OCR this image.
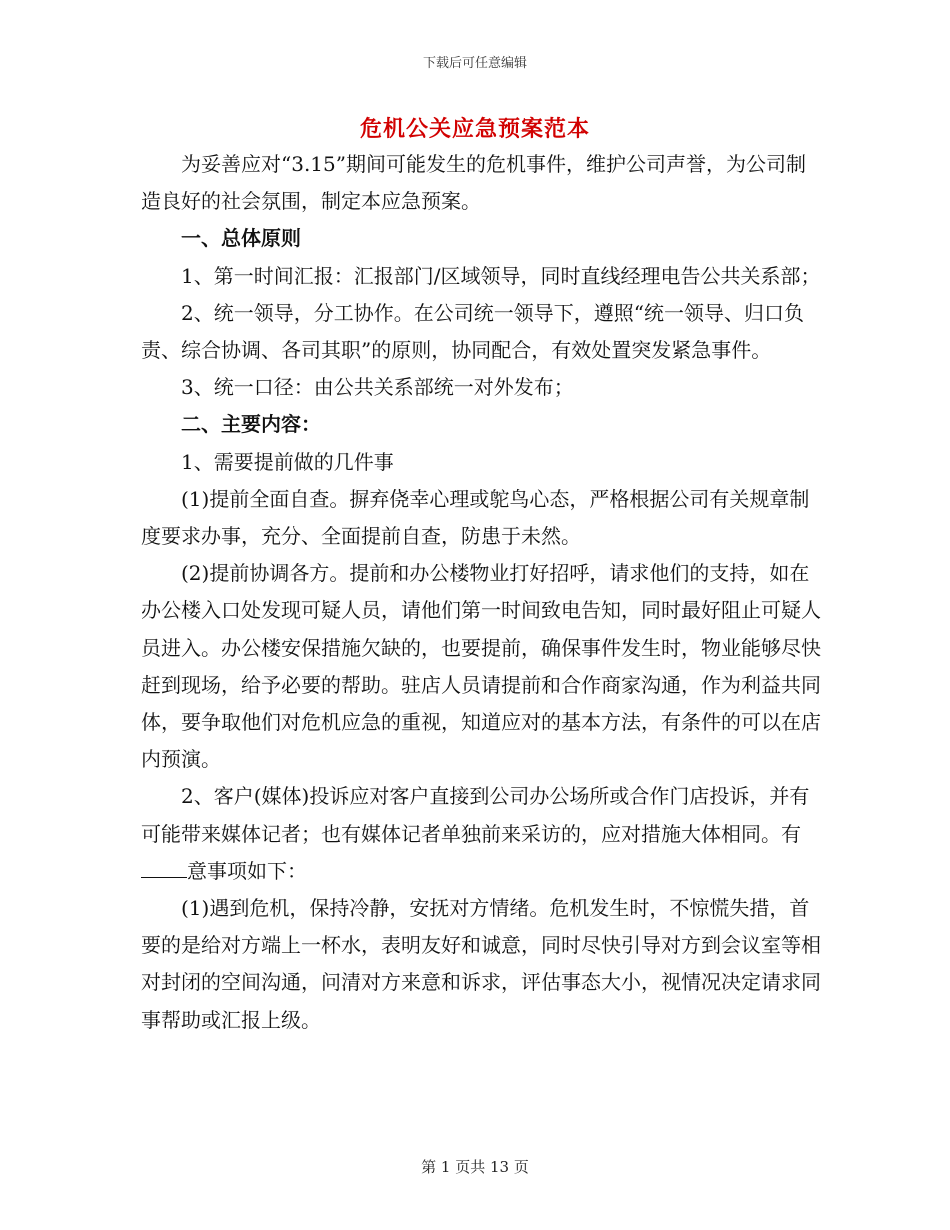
下载后可任意编辑
危机公关应急预案范本

为妥善应对“3.15”期间可能发生的危机事件，维护公司声誉，为公司制造良好的社会氛围，制定本应急预案。

一、总体原则

1、第一时间汇报：汇报部门/区域领导，同时直线经理电告公共关系部；

2、统一领导，分工协作。在公司统一领导下，遵照“统一领导、归口负责、综合协调、各司其职”的原则，协同配合，有效处置突发紧急事件。

3、统一口径：由公共关系部统一对外发布；

二、主要内容：

1、需要提前做的几件事

(1)提前全面自查。摒弃侥幸心理或鸵鸟心态，严格根据公司有关规章制度要求办事，充分、全面提前自查，防患于未然。

(2)提前协调各方。提前和办公楼物业打好招呼，请求他们的支持，如在办公楼入口处发现可疑人员，请他们第一时间致电告知，同时最好阻止可疑人员进入。办公楼安保措施欠缺的，也要提前，确保事件发生时，物业能够尽快赶到现场，给予必要的帮助。驻店人员请提前和合作商家沟通，作为利益共同体，要争取他们对危机应急的重视，知道应对的基本方法，有条件的可以在店内预演。

2、客户(媒体)投诉应对客户直接到公司办公场所或合作门店投诉，并有可能带来媒体记者；也有媒体记者单独前来采访的，应对措施大体相同。有意事项如下：

(1)遇到危机，保持冷静，安抚对方情绪。危机发生时，不惊慌失措，首要的是给对方端上一杯水，表明友好和诚意，同时尽快引导对方到会议室等相对封闭的空间沟通，问清对方来意和诉求，评估事态大小，视情况决定请求同事帮助或汇报上级。

第 1 页共 13 页
